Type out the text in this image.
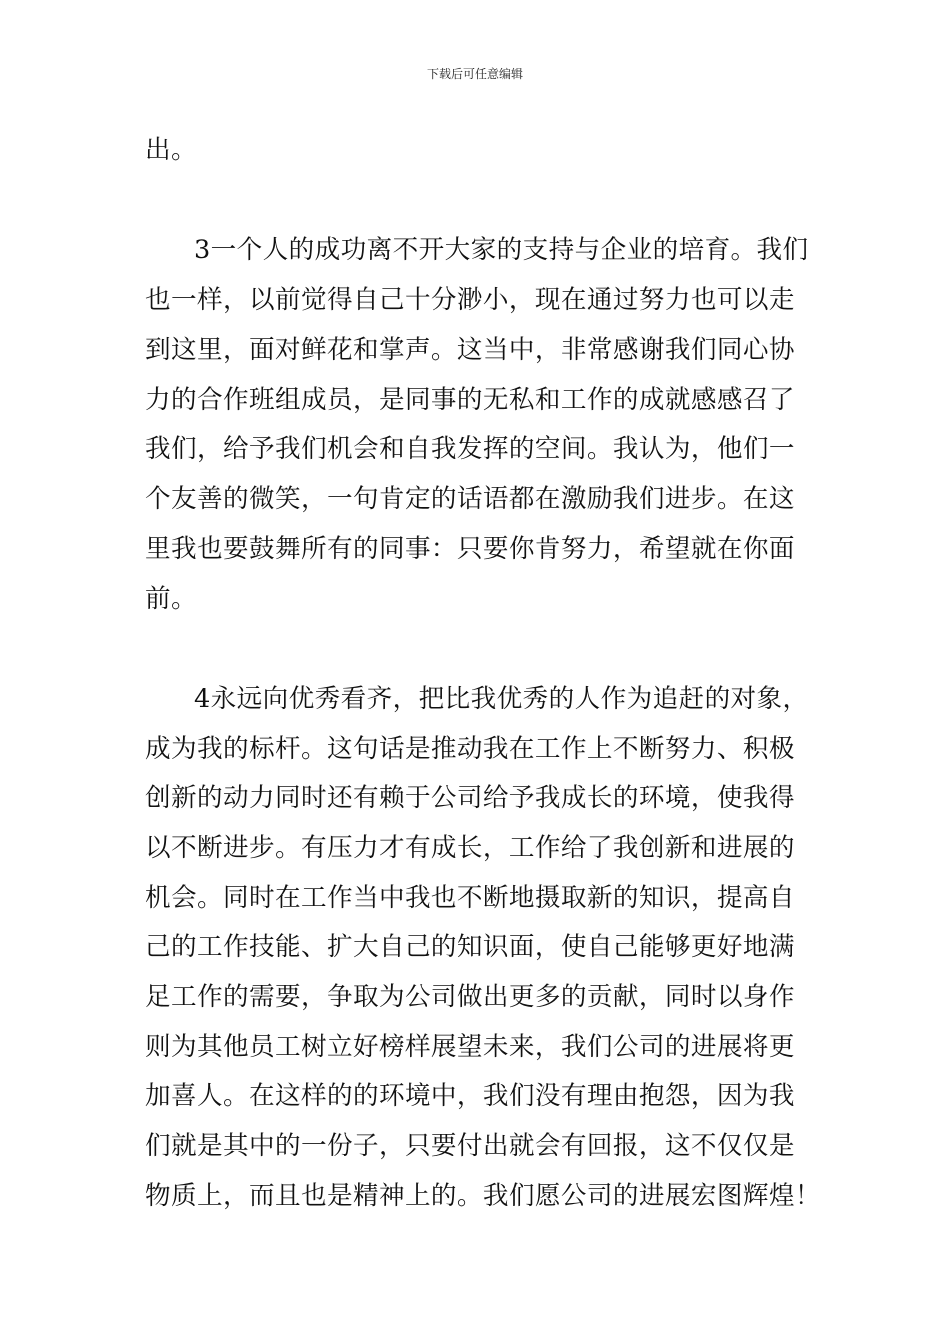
下载后可任意编辑
出。
3一个人的成功离不开大家的支持与企业的培育。我们
也一样，以前觉得自己十分渺小，现在通过努力也可以走
到这里，面对鲜花和掌声。这当中，非常感谢我们同心协
力的合作班组成员，是同事的无私和工作的成就感感召了
我们，给予我们机会和自我发挥的空间。我认为，他们一
个友善的微笑，一句肯定的话语都在激励我们进步。在这
里我也要鼓舞所有的同事：只要你肯努力，希望就在你面
前。
4永远向优秀看齐，把比我优秀的人作为追赶的对象，
成为我的标杆。这句话是推动我在工作上不断努力、积极
创新的动力同时还有赖于公司给予我成长的环境，使我得
以不断进步。有压力才有成长，工作给了我创新和进展的
机会。同时在工作当中我也不断地摄取新的知识，提高自
己的工作技能、扩大自己的知识面，使自己能够更好地满
足工作的需要，争取为公司做出更多的贡献，同时以身作
则为其他员工树立好榜样展望未来，我们公司的进展将更
加喜人。在这样的的环境中，我们没有理由抱怨，因为我
们就是其中的一份子，只要付出就会有回报，这不仅仅是
物质上，而且也是精神上的。我们愿公司的进展宏图辉煌！
